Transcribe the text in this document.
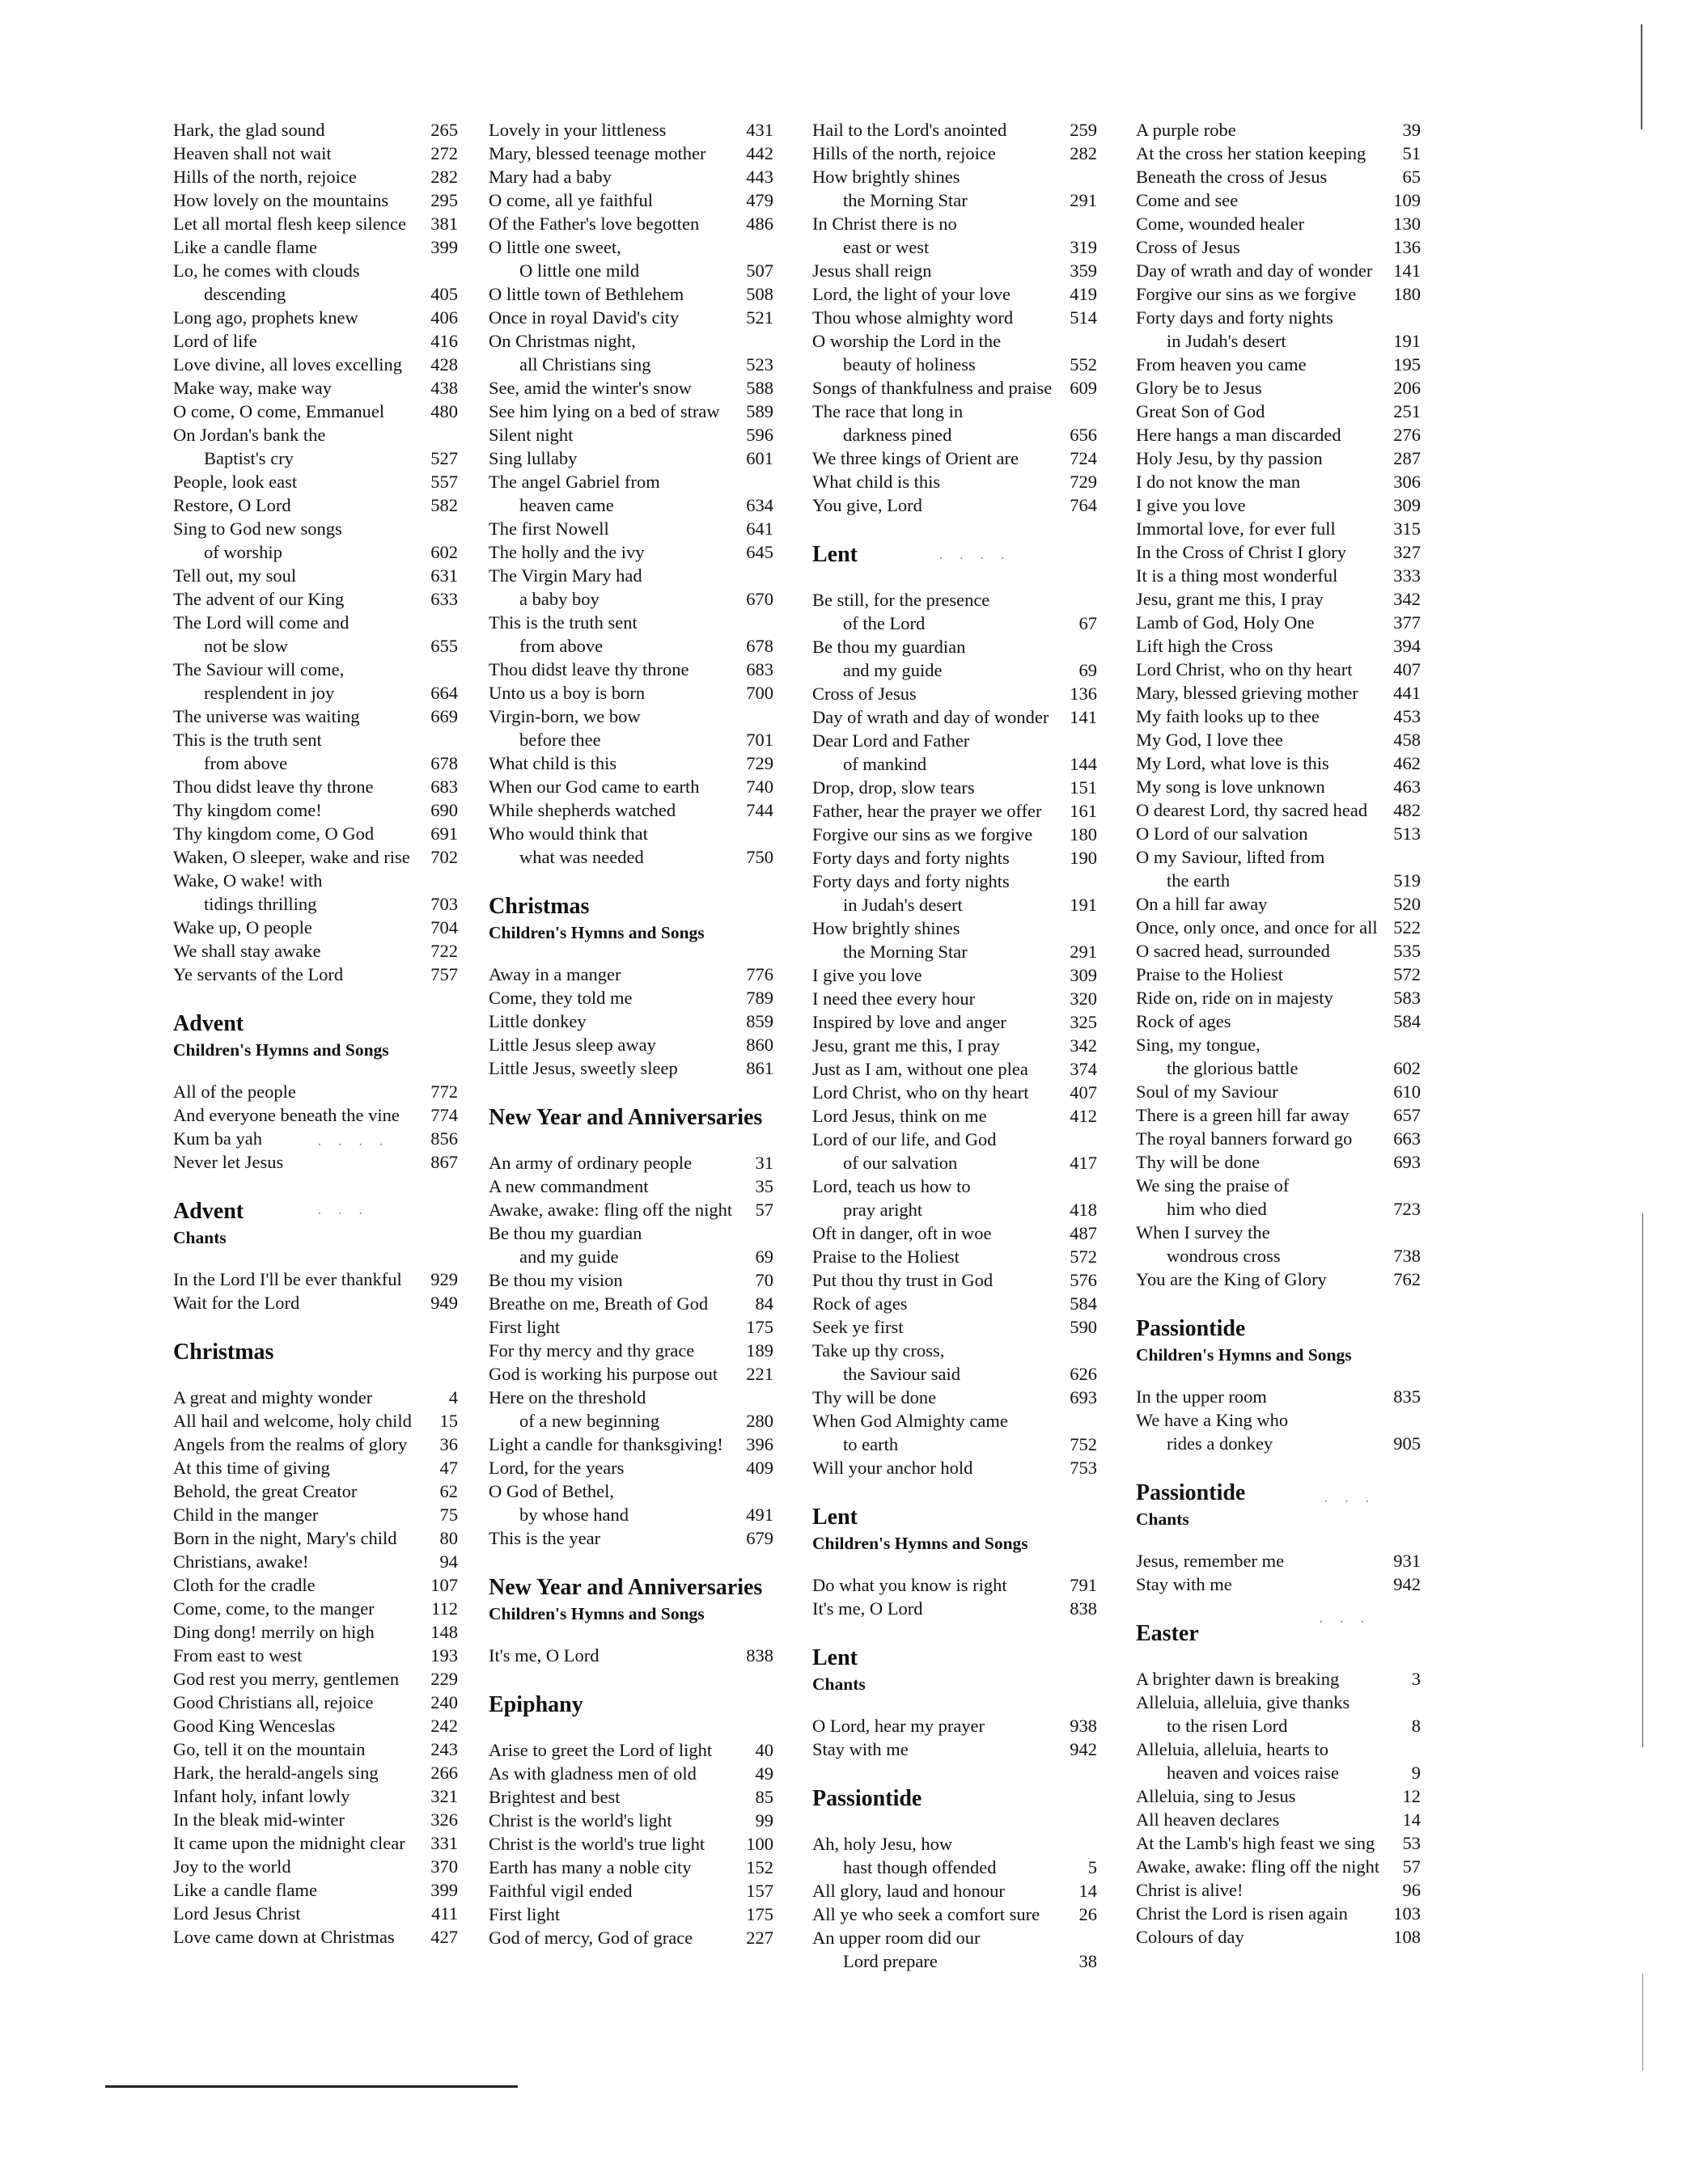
Hark, the glad sound	265
Heaven shall not wait	272
Hills of the north, rejoice	282
How lovely on the mountains	295
Let all mortal flesh keep silence	381
Like a candle flame	399
Lo, he comes with clouds
descending	405
Long ago, prophets knew	406
Lord of life	416
Love divine, all loves excelling	428
Make way, make way	438
O come, O come, Emmanuel	480
On Jordan's bank the
Baptist's cry	527
People, look east	557
Restore, O Lord	582
Sing to God new songs
of worship	602
Tell out, my soul	631
The advent of our King	633
The Lord will come and
not be slow	655
The Saviour will come,
resplendent in joy	664
The universe was waiting	669
This is the truth sent
from above	678
Thou didst leave thy throne	683
Thy kingdom come!	690
Thy kingdom come, O God	691
Waken, O sleeper, wake and rise	702
Wake, O wake! with
tidings thrilling	703
Wake up, O people	704
We shall stay awake	722
Ye servants of the Lord	757
Advent
Children's Hymns and Songs
All of the people	772
And everyone beneath the vine	774
Kum ba yah	856
Never let Jesus	867
Advent
Chants
In the Lord I'll be ever thankful	929
Wait for the Lord	949
Christmas
A great and mighty wonder	4
All hail and welcome, holy child	15
Angels from the realms of glory	36
At this time of giving	47
Behold, the great Creator	62
Child in the manger	75
Born in the night, Mary's child	80
Christians, awake!	94
Cloth for the cradle	107
Come, come, to the manger	112
Ding dong! merrily on high	148
From east to west	193
God rest you merry, gentlemen	229
Good Christians all, rejoice	240
Good King Wenceslas	242
Go, tell it on the mountain	243
Hark, the herald-angels sing	266
Infant holy, infant lowly	321
In the bleak mid-winter	326
It came upon the midnight clear	331
Joy to the world	370
Like a candle flame	399
Lord Jesus Christ	411
Love came down at Christmas	427
Lovely in your littleness	431
Mary, blessed teenage mother	442
Mary had a baby	443
O come, all ye faithful	479
Of the Father's love begotten	486
O little one sweet,
O little one mild	507
O little town of Bethlehem	508
Once in royal David's city	521
On Christmas night,
all Christians sing	523
See, amid the winter's snow	588
See him lying on a bed of straw	589
Silent night	596
Sing lullaby	601
The angel Gabriel from
heaven came	634
The first Nowell	641
The holly and the ivy	645
The Virgin Mary had
a baby boy	670
This is the truth sent
from above	678
Thou didst leave thy throne	683
Unto us a boy is born	700
Virgin-born, we bow
before thee	701
What child is this	729
When our God came to earth	740
While shepherds watched	744
Who would think that
what was needed	750
Christmas
Children's Hymns and Songs
Away in a manger	776
Come, they told me	789
Little donkey	859
Little Jesus sleep away	860
Little Jesus, sweetly sleep	861
New Year and Anniversaries
An army of ordinary people	31
A new commandment	35
Awake, awake: fling off the night	57
Be thou my guardian
and my guide	69
Be thou my vision	70
Breathe on me, Breath of God	84
First light	175
For thy mercy and thy grace	189
God is working his purpose out	221
Here on the threshold
of a new beginning	280
Light a candle for thanksgiving!	396
Lord, for the years	409
O God of Bethel,
by whose hand	491
This is the year	679
New Year and Anniversaries
Children's Hymns and Songs
It's me, O Lord	838
Epiphany
Arise to greet the Lord of light	40
As with gladness men of old	49
Brightest and best	85
Christ is the world's light	99
Christ is the world's true light	100
Earth has many a noble city	152
Faithful vigil ended	157
First light	175
God of mercy, God of grace	227
Hail to the Lord's anointed	259
Hills of the north, rejoice	282
How brightly shines
the Morning Star	291
In Christ there is no
east or west	319
Jesus shall reign	359
Lord, the light of your love	419
Thou whose almighty word	514
O worship the Lord in the
beauty of holiness	552
Songs of thankfulness and praise 609
The race that long in
darkness pined	656
We three kings of Orient are	724
What child is this	729
You give, Lord	764
Lent
Be still, for the presence
of the Lord	67
Be thou my guardian
and my guide	69
Cross of Jesus	136
Day of wrath and day of wonder	141
Dear Lord and Father
of mankind	144
Drop, drop, slow tears	151
Father, hear the prayer we offer	161
Forgive our sins as we forgive	180
Forty days and forty nights	190
Forty days and forty nights
in Judah's desert	191
How brightly shines
the Morning Star	291
I give you love	309
I need thee every hour	320
Inspired by love and anger	325
Jesu, grant me this, I pray	342
Just as I am, without one plea	374
Lord Christ, who on thy heart	407
Lord Jesus, think on me	412
Lord of our life, and God
of our salvation	417
Lord, teach us how to
pray aright	418
Oft in danger, oft in woe	487
Praise to the Holiest	572
Put thou thy trust in God	576
Rock of ages	584
Seek ye first	590
Take up thy cross,
the Saviour said	626
Thy will be done	693
When God Almighty came
to earth	752
Will your anchor hold	753
Lent
Children's Hymns and Songs
Do what you know is right	791
It's me, O Lord	838
Lent
Chants
O Lord, hear my prayer	938
Stay with me	942
Passiontide
Ah, holy Jesu, how
hast though offended	5
All glory, laud and honour	14
All ye who seek a comfort sure	26
An upper room did our
Lord prepare	38
A purple robe	39
At the cross her station keeping	51
Beneath the cross of Jesus	65
Come and see	109
Come, wounded healer	130
Cross of Jesus	136
Day of wrath and day of wonder	141
Forgive our sins as we forgive	180
Forty days and forty nights
in Judah's desert	191
From heaven you came	195
Glory be to Jesus	206
Great Son of God	251
Here hangs a man discarded	276
Holy Jesu, by thy passion	287
I do not know the man	306
I give you love	309
Immortal love, for ever full	315
In the Cross of Christ I glory	327
It is a thing most wonderful	333
Jesu, grant me this, I pray	342
Lamb of God, Holy One	377
Lift high the Cross	394
Lord Christ, who on thy heart	407
Mary, blessed grieving mother	441
My faith looks up to thee	453
My God, I love thee	458
My Lord, what love is this	462
My song is love unknown	463
O dearest Lord, thy sacred head	482
O Lord of our salvation	513
O my Saviour, lifted from
the earth	519
On a hill far away	520
Once, only once, and once for all 522
O sacred head, surrounded	535
Praise to the Holiest	572
Ride on, ride on in majesty	583
Rock of ages	584
Sing, my tongue,
the glorious battle	602
Soul of my Saviour	610
There is a green hill far away	657
The royal banners forward go	663
Thy will be done	693
We sing the praise of
him who died	723
When I survey the
wondrous cross	738
You are the King of Glory	762
Passiontide
Children's Hymns and Songs
In the upper room	835
We have a King who
rides a donkey	905
Passiontide
Chants
Jesus, remember me	931
Stay with me	942
Easter
A brighter dawn is breaking	3
Alleluia, alleluia, give thanks
to the risen Lord	8
Alleluia, alleluia, hearts to
heaven and voices raise	9
Alleluia, sing to Jesus	12
All heaven declares	14
At the Lamb's high feast we sing	53
Awake, awake: fling off the night	57
Christ is alive!	96
Christ the Lord is risen again	103
Colours of day	108
· · · ·
· · · ·
· · ·
· · ·
· · ·
